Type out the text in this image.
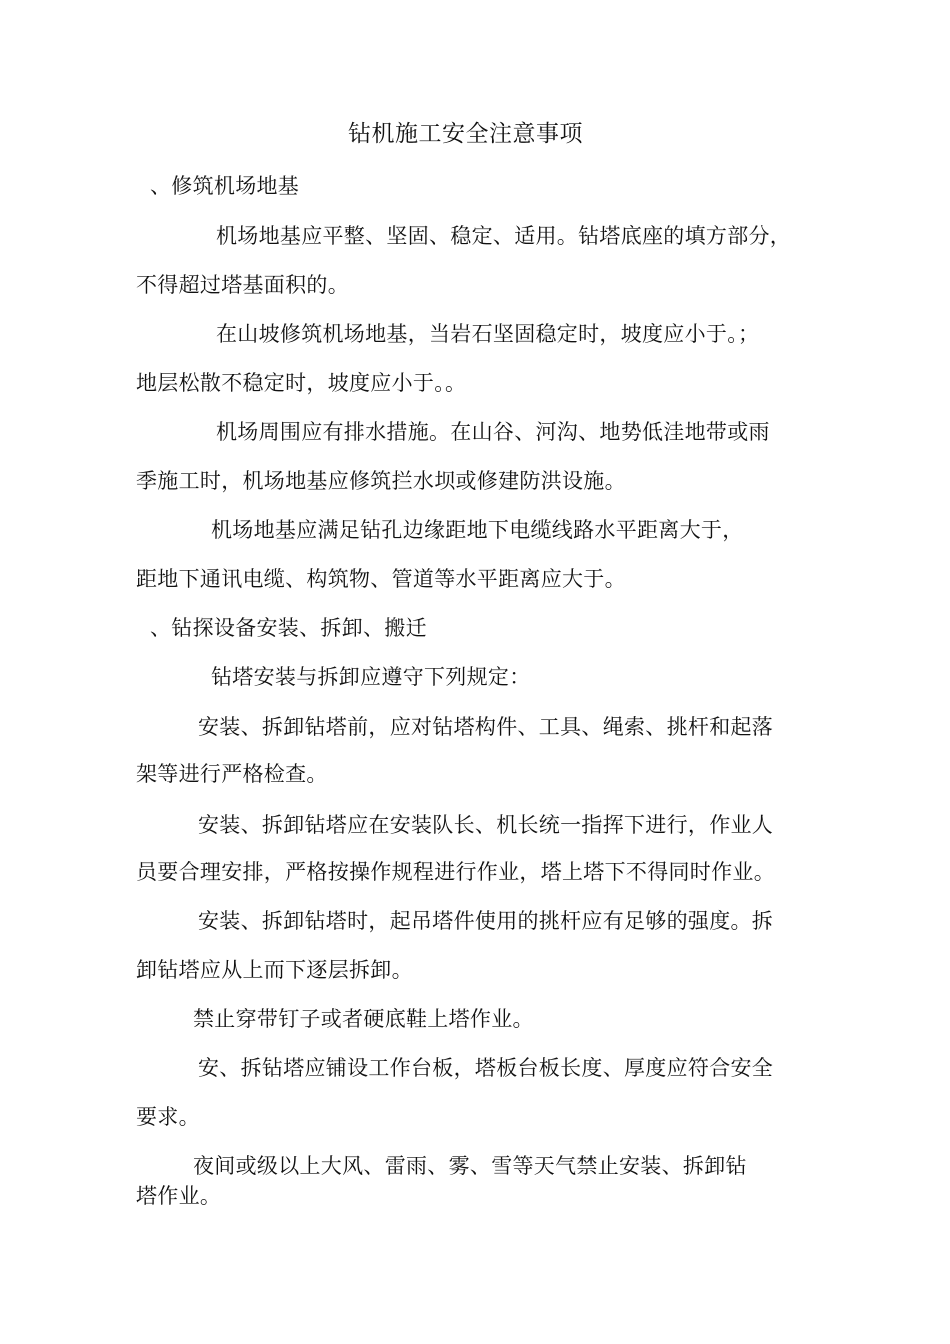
钻机施工安全注意事项
、修筑机场地基
机场地基应平整、坚固、稳定、适用。钻塔底座的填方部分，
不得超过塔基面积的。
在山坡修筑机场地基，当岩石坚固稳定时，坡度应小于。；
地层松散不稳定时，坡度应小于。。
机场周围应有排水措施。在山谷、河沟、地势低洼地带或雨
季施工时，机场地基应修筑拦水坝或修建防洪设施。
机场地基应满足钻孔边缘距地下电缆线路水平距离大于，
距地下通讯电缆、构筑物、管道等水平距离应大于。
、钻探设备安装、拆卸、搬迁
钻塔安装与拆卸应遵守下列规定：
安装、拆卸钻塔前，应对钻塔构件、工具、绳索、挑杆和起落
架等进行严格检查。
安装、拆卸钻塔应在安装队长、机长统一指挥下进行，作业人
员要合理安排，严格按操作规程进行作业，塔上塔下不得同时作业。
安装、拆卸钻塔时，起吊塔件使用的挑杆应有足够的强度。拆
卸钻塔应从上而下逐层拆卸。
禁止穿带钉子或者硬底鞋上塔作业。
安、拆钻塔应铺设工作台板，塔板台板长度、厚度应符合安全
要求。
夜间或级以上大风、雷雨、雾、雪等天气禁止安装、拆卸钻
塔作业。
